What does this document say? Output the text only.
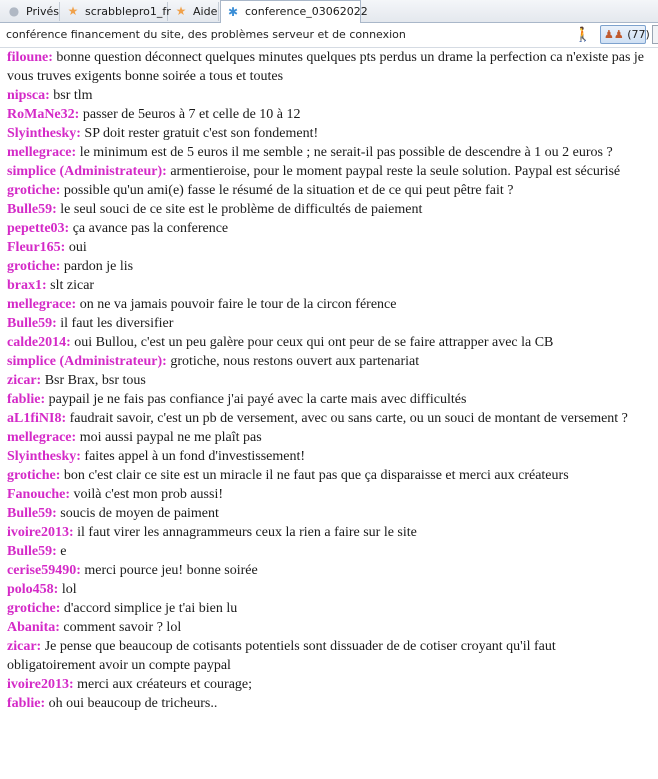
● Privés ★ scrabblepro1_fr ★ Aide ✱ conference_03062022
conférence financement du site, des problèmes serveur et de connexion	🚶	♟♟ (77)
filoune: bonne question déconnect quelques minutes quelques pts perdus un drame la perfection ca n'existe pas je vous truves exigents bonne soirée a tous et toutes
nipsca: bsr tlm
RoMaNe32: passer de 5euros à 7 et celle de 10 à 12
Slyinthesky: SP doit rester gratuit c'est son fondement!
mellegrace: le minimum est de 5 euros il me semble ; ne serait-il pas possible de descendre à 1 ou 2 euros ?
simplice (Administrateur): armentieroise, pour le moment paypal reste la seule solution. Paypal est sécurisé
grotiche: possible qu'un ami(e) fasse le résumé de la situation et de ce qui peut pêtre fait ?
Bulle59: le seul souci de ce site est le problème de difficultés de paiement
pepette03: ça avance pas la conference
Fleur165: oui
grotiche: pardon je lis
brax1: slt zicar
mellegrace: on ne va jamais pouvoir faire le tour de la circon férence
Bulle59: il faut les diversifier
calde2014: oui Bullou, c'est un peu galère pour ceux qui ont peur de se faire attrapper avec la CB
simplice (Administrateur): grotiche, nous restons ouvert aux partenariat
zicar: Bsr Brax, bsr tous
fablie: paypail je ne fais pas confiance j'ai payé avec la carte mais avec difficultés
aL1fiNI8: faudrait savoir, c'est un pb de versement, avec ou sans carte, ou un souci de montant de versement ?
mellegrace: moi aussi paypal ne me plaît pas
Slyinthesky: faites appel à un fond d'investissement!
grotiche: bon c'est clair ce site est un miracle il ne faut pas que ça disparaisse et merci aux créateurs
Fanouche: voilà c'est mon prob aussi!
Bulle59: soucis de moyen de paiment
ivoire2013: il faut virer les annagrammeurs ceux la rien a faire sur le site
Bulle59: e
cerise59490: merci pource jeu! bonne soirée
polo458: lol
grotiche: d'accord simplice je t'ai bien lu
Abanita: comment savoir ? lol
zicar: Je pense que beaucoup de cotisants potentiels sont dissuader de de cotiser croyant qu'il faut obligatoirement avoir un compte paypal
ivoire2013: merci aux créateurs et courage;
fablie: oh oui beaucoup de tricheurs..
